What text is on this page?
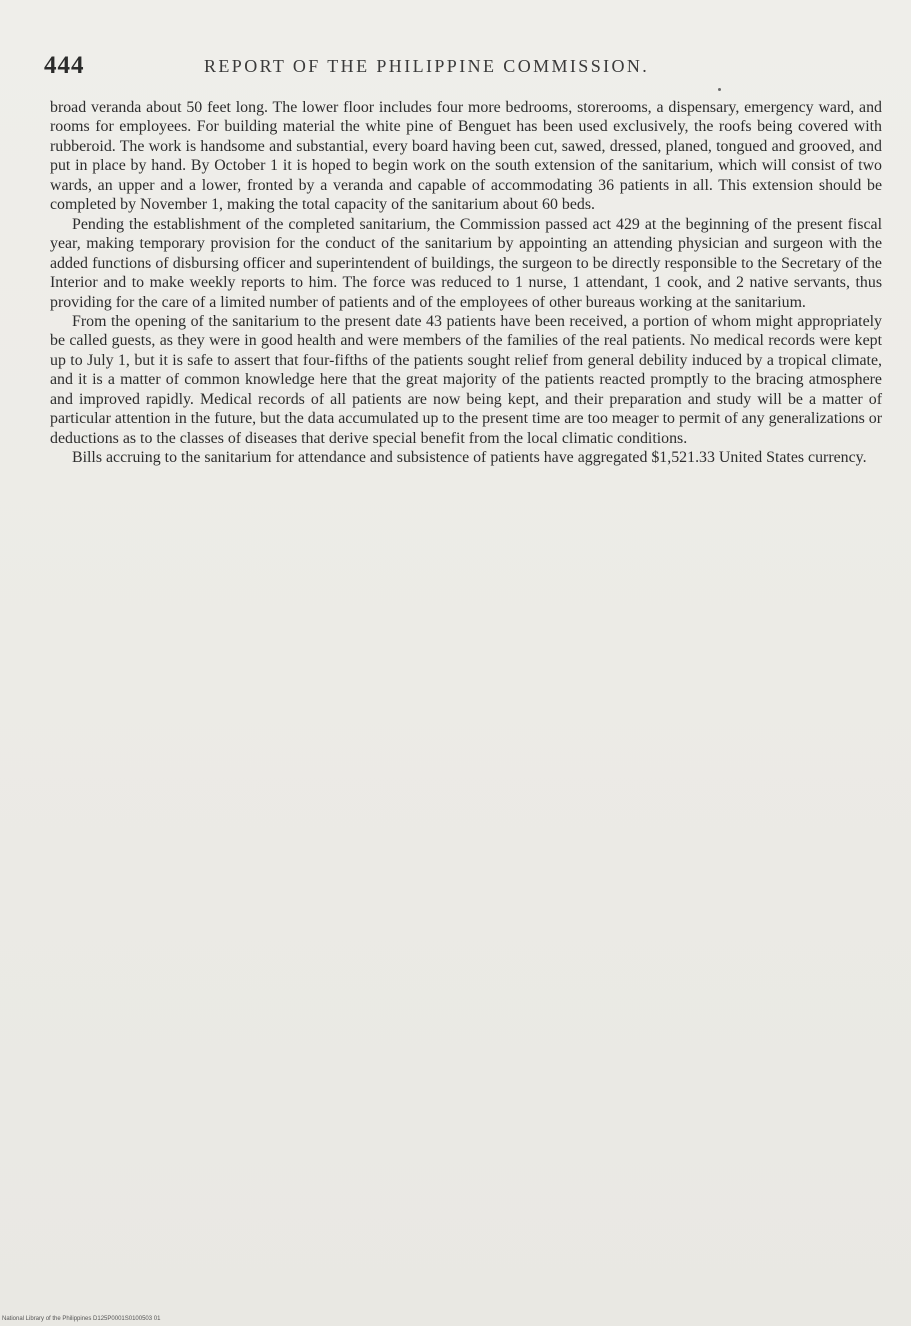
444	REPORT OF THE PHILIPPINE COMMISSION.

broad veranda about 50 feet long. The lower floor includes four more bedrooms, storerooms, a dispensary, emergency ward, and rooms for employees. For building material the white pine of Benguet has been used exclusively, the roofs being covered with rubberoid. The work is handsome and substantial, every board having been cut, sawed, dressed, planed, tongued and grooved, and put in place by hand. By October 1 it is hoped to begin work on the south extension of the sanitarium, which will consist of two wards, an upper and a lower, fronted by a veranda and capable of accommodating 36 patients in all. This extension should be completed by November 1, making the total capacity of the sanitarium about 60 beds.

Pending the establishment of the completed sanitarium, the Commission passed act 429 at the beginning of the present fiscal year, making temporary provision for the conduct of the sanitarium by appointing an attending physician and surgeon with the added functions of disbursing officer and superintendent of buildings, the surgeon to be directly responsible to the Secretary of the Interior and to make weekly reports to him. The force was reduced to 1 nurse, 1 attendant, 1 cook, and 2 native servants, thus providing for the care of a limited number of patients and of the employees of other bureaus working at the sanitarium.

From the opening of the sanitarium to the present date 43 patients have been received, a portion of whom might appropriately be called guests, as they were in good health and were members of the families of the real patients. No medical records were kept up to July 1, but it is safe to assert that four-fifths of the patients sought relief from general debility induced by a tropical climate, and it is a matter of common knowledge here that the great majority of the patients reacted promptly to the bracing atmosphere and improved rapidly. Medical records of all patients are now being kept, and their preparation and study will be a matter of particular attention in the future, but the data accumulated up to the present time are too meager to permit of any generalizations or deductions as to the classes of diseases that derive special benefit from the local climatic conditions.

Bills accruing to the sanitarium for attendance and subsistence of patients have aggregated $1,521.33 United States currency.

National Library of the Philippines D125P0001S0100503 01
